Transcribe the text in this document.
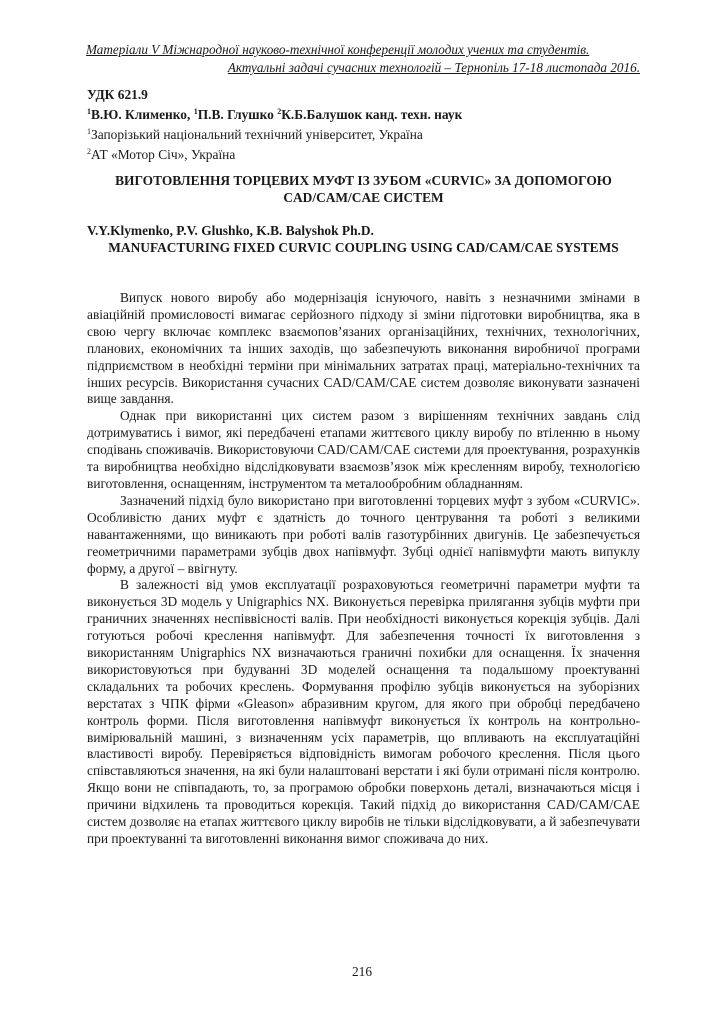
Матеріали V Міжнародної науково-технічної конференції молодих учених та студентів.
Актуальні задачі сучасних технологій – Тернопіль 17-18 листопада 2016.
УДК 621.9
$^1$В.Ю. Клименко, $^1$П.В. Глушко $^2$К.Б.Балушок канд. техн. наук
$^1$Запорізький національний технічний університет, Україна
$^2$АТ «Мотор Січ», Україна
ВИГОТОВЛЕННЯ ТОРЦЕВИХ МУФТ ІЗ ЗУБОМ «CURVIC» ЗА ДОПОМОГОЮ CAD/CAM/CAE СИСТЕМ
V.Y.Klymenko, P.V. Glushko, K.B. Balyshok Ph.D.
MANUFACTURING FIXED CURVIC COUPLING USING CAD/CAM/CAE SYSTEMS

Випуск нового виробу або модернізація існуючого, навіть з незначними змінами в авіаційній промисловості вимагає серйозного підходу зі зміни підготовки виробництва, яка в свою чергу включає комплекс взаємопов’язаних організаційних, технічних, технологічних, планових, економічних та інших заходів, що забезпечують виконання виробничої програми підприємством в необхідні терміни при мінімальних затратах праці, матеріально-технічних та інших ресурсів. Використання сучасних CAD/CAM/CAE систем дозволяє виконувати зазначені вище завдання.

Однак при використанні цих систем разом з вирішенням технічних завдань слід дотримуватись і вимог, які передбачені етапами життєвого циклу виробу по втіленню в ньому сподівань споживачів. Використовуючи CAD/CAM/CAE системи для проектування, розрахунків та виробництва необхідно відслідковувати взаємозв’язок між кресленням виробу, технологією виготовлення, оснащенням, інструментом та металообробним обладнанням.

Зазначений підхід було використано при виготовленні торцевих муфт з зубом «CURVIC». Особливістю даних муфт є здатність до точного центрування та роботі з великими навантаженнями, що виникають при роботі валів газотурбінних двигунів. Це забезпечується геометричними параметрами зубців двох напівмуфт. Зубці однієї напівмуфти мають випуклу форму, а другої – ввігнуту.

В залежності від умов експлуатації розраховуються геометричні параметри муфти та виконується 3D модель у Unigraphics NX. Виконується перевірка прилягання зубців муфти при граничних значеннях неспіввісності валів. При необхідності виконується корекція зубців. Далі готуються робочі креслення напівмуфт. Для забезпечення точності їх виготовлення з використанням Unigraphics NX визначаються граничні похибки для оснащення. Їх значення використовуються при будуванні 3D моделей оснащення та подальшому проектуванні складальних та робочих креслень. Формування профілю зубців виконується на зуборізних верстатах з ЧПК фірми «Gleason» абразивним кругом, для якого при обробці передбачено контроль форми. Після виготовлення напівмуфт виконується їх контроль на контрольно-вимірювальній машині, з визначенням усіх параметрів, що впливають на експлуатаційні властивості виробу. Перевіряється відповідність вимогам робочого креслення. Після цього співставляються значення, на які були налаштовані верстати і які були отримані після контролю. Якщо вони не співпадають, то, за програмою обробки поверхонь деталі, визначаються місця і причини відхилень та проводиться корекція. Такий підхід до використання CAD/CAM/CAE систем дозволяє на етапах життєвого циклу виробів не тільки відслідковувати, а й забезпечувати при проектуванні та виготовленні виконання вимог споживача до них.

216
